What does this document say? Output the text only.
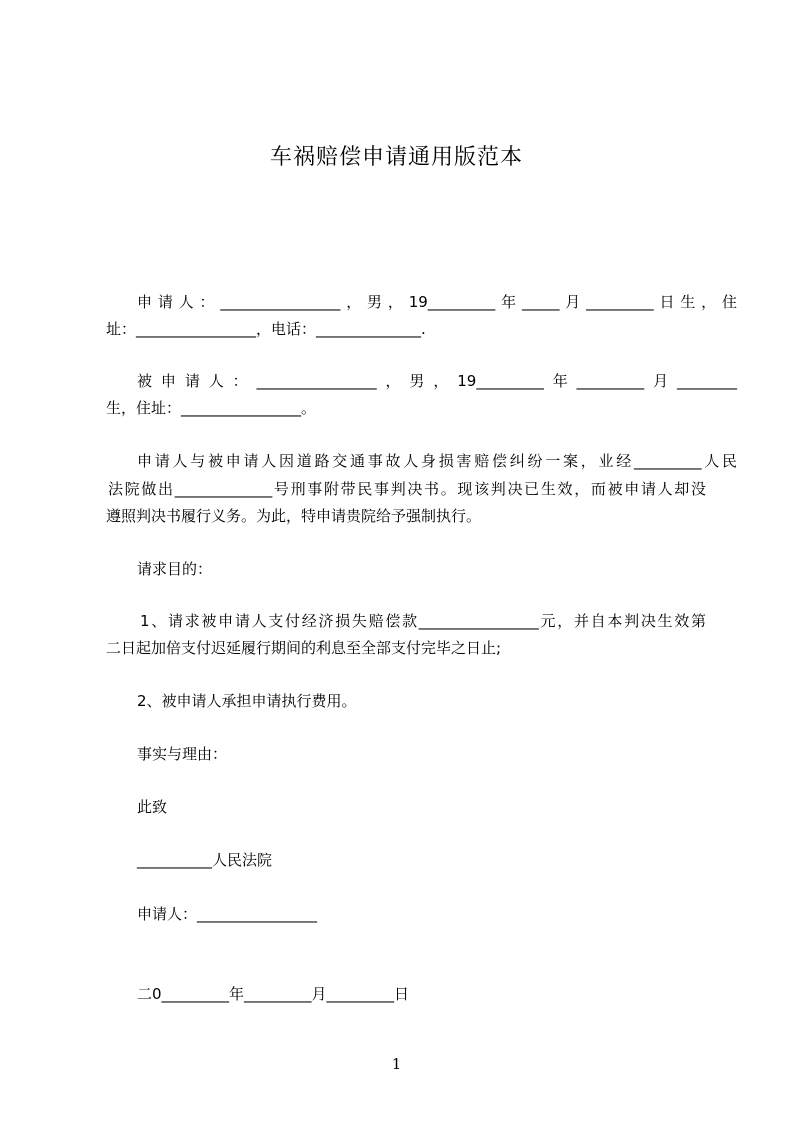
车祸赔偿申请通用版范本
申请人：________________，男，19_________年_____月_________日生，住
址：________________，电话：______________.
被申请人：________________，男，19_________年_________月________
生，住址：________________。
申请人与被申请人因道路交通事故人身损害赔偿纠纷一案，业经_________人民
法院做出_____________号刑事附带民事判决书。现该判决已生效，而被申请人却没
遵照判决书履行义务。为此，特申请贵院给予强制执行。
请求目的：
1、请求被申请人支付经济损失赔偿款________________元，并自本判决生效第
二日起加倍支付迟延履行期间的利息至全部支付完毕之日止;
2、被申请人承担申请执行费用。
事实与理由：
此致
__________人民法院
申请人：________________
二0_________年_________月_________日
1
